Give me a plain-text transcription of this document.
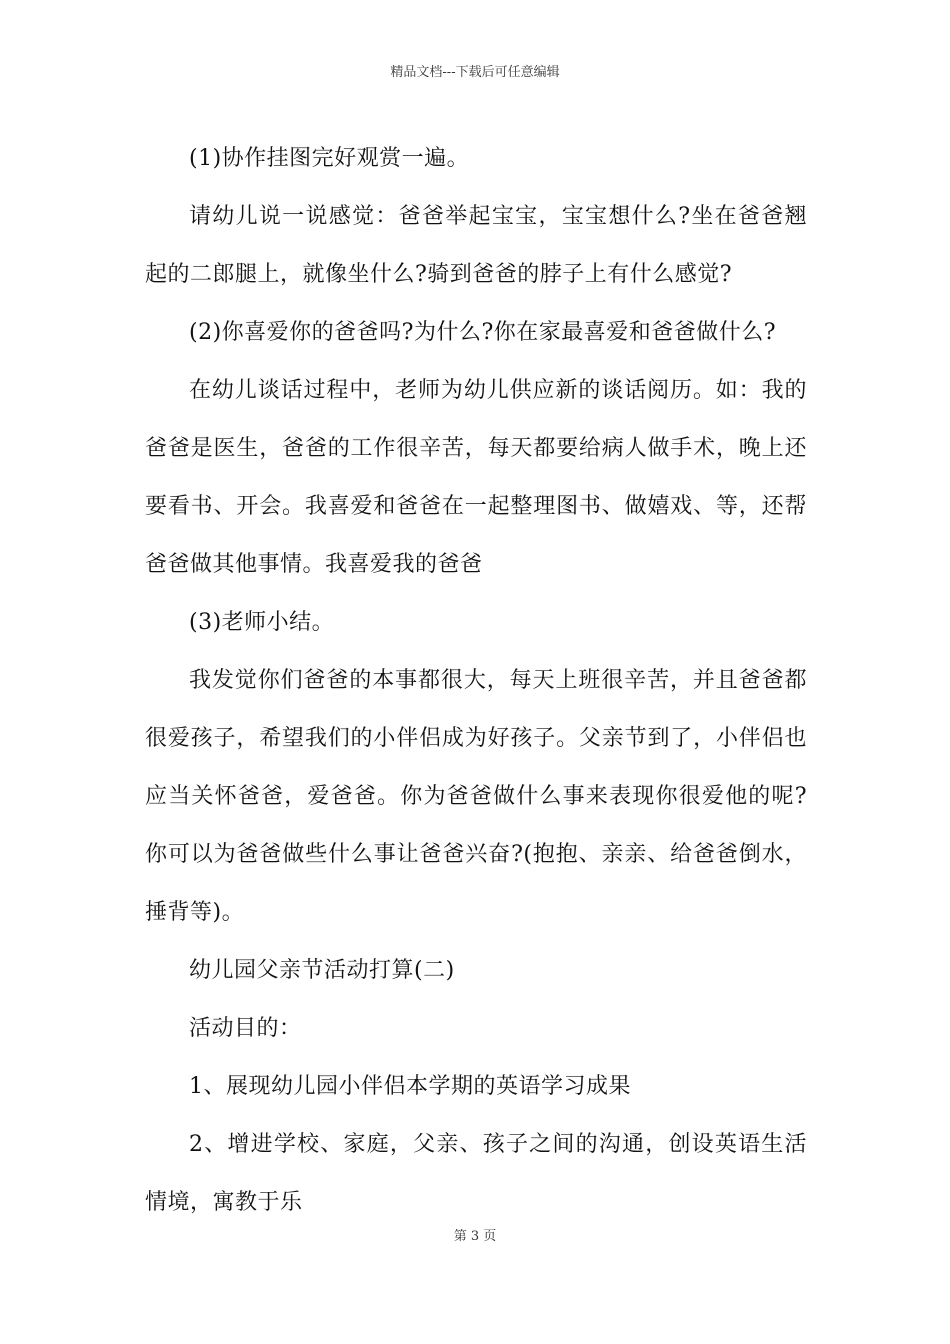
精品文档---下载后可任意编辑

(1)协作挂图完好观赏一遍。

请幼儿说一说感觉：爸爸举起宝宝，宝宝想什么?坐在爸爸翘起的二郎腿上，就像坐什么?骑到爸爸的脖子上有什么感觉?

(2)你喜爱你的爸爸吗?为什么?你在家最喜爱和爸爸做什么?

在幼儿谈话过程中，老师为幼儿供应新的谈话阅历。如：我的爸爸是医生，爸爸的工作很辛苦，每天都要给病人做手术，晚上还要看书、开会。我喜爱和爸爸在一起整理图书、做嬉戏、等，还帮爸爸做其他事情。我喜爱我的爸爸

(3)老师小结。

我发觉你们爸爸的本事都很大，每天上班很辛苦，并且爸爸都很爱孩子，希望我们的小伴侣成为好孩子。父亲节到了，小伴侣也应当关怀爸爸，爱爸爸。你为爸爸做什么事来表现你很爱他的呢?你可以为爸爸做些什么事让爸爸兴奋?(抱抱、亲亲、给爸爸倒水，捶背等)。

幼儿园父亲节活动打算(二)

活动目的：

1、展现幼儿园小伴侣本学期的英语学习成果

2、增进学校、家庭，父亲、孩子之间的沟通，创设英语生活情境，寓教于乐

第 3 页
